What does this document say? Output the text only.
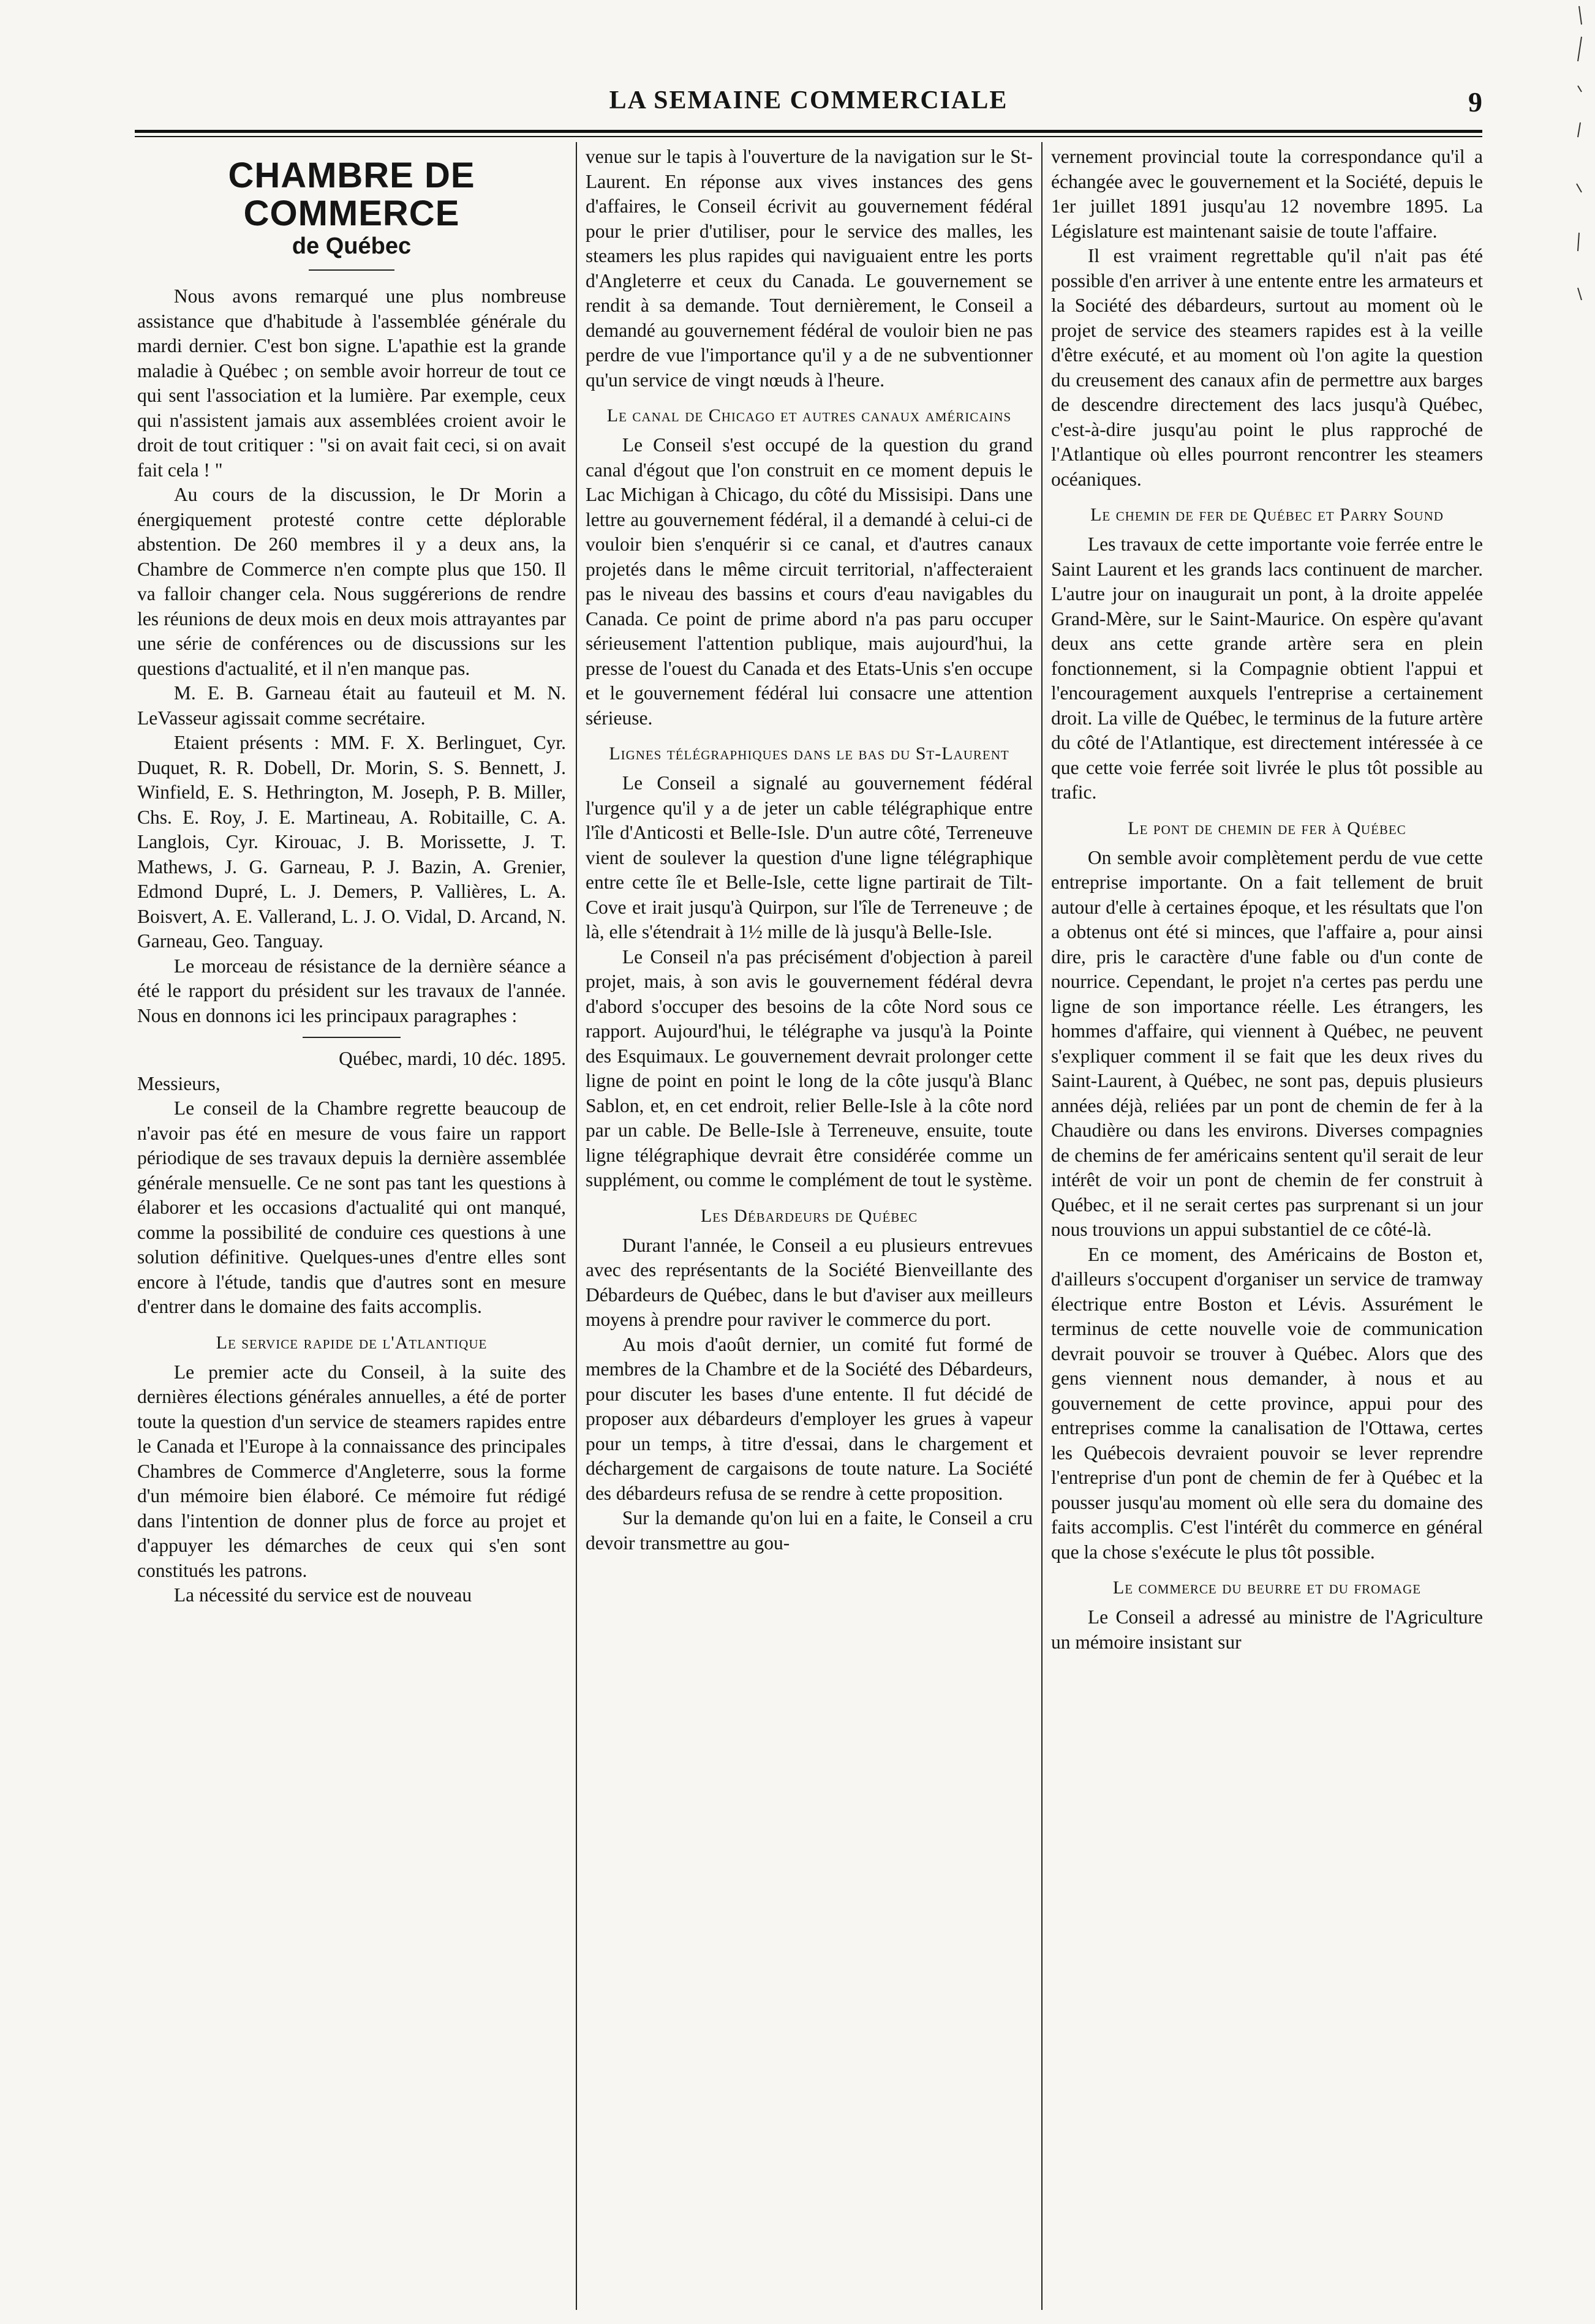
LA SEMAINE COMMERCIALE	9
CHAMBRE DE COMMERCE
de Québec

Nous avons remarqué une plus nombreuse assistance que d'habitude à l'assemblée générale du mardi dernier. C'est bon signe. L'apathie est la grande maladie à Québec ; on semble avoir horreur de tout ce qui sent l'association et la lumière. Par exemple, ceux qui n'assistent jamais aux assemblées croient avoir le droit de tout critiquer : "si on avait fait ceci, si on avait fait cela ! "

Au cours de la discussion, le Dr Morin a énergiquement protesté contre cette déplorable abstention. De 260 membres il y a deux ans, la Chambre de Commerce n'en compte plus que 150. Il va falloir changer cela. Nous suggérerions de rendre les réunions de deux mois en deux mois attrayantes par une série de conférences ou de discussions sur les questions d'actualité, et il n'en manque pas.

M. E. B. Garneau était au fauteuil et M. N. LeVasseur agissait comme secrétaire.

Etaient présents : MM. F. X. Berlinguet, Cyr. Duquet, R. R. Dobell, Dr. Morin, S. S. Bennett, J. Winfield, E. S. Hethrington, M. Joseph, P. B. Miller, Chs. E. Roy, J. E. Martineau, A. Robitaille, C. A. Langlois, Cyr. Kirouac, J. B. Morissette, J. T. Mathews, J. G. Garneau, P. J. Bazin, A. Grenier, Edmond Dupré, L. J. Demers, P. Vallières, L. A. Boisvert, A. E. Vallerand, L. J. O. Vidal, D. Arcand, N. Garneau, Geo. Tanguay.

Le morceau de résistance de la dernière séance a été le rapport du président sur les travaux de l'année. Nous en donnons ici les principaux paragraphes :

Québec, mardi, 10 déc. 1895.

Messieurs,

Le conseil de la Chambre regrette beaucoup de n'avoir pas été en mesure de vous faire un rapport périodique de ses travaux depuis la dernière assemblée générale mensuelle. Ce ne sont pas tant les questions à élaborer et les occasions d'actualité qui ont manqué, comme la possibilité de conduire ces questions à une solution définitive. Quelques-unes d'entre elles sont encore à l'étude, tandis que d'autres sont en mesure d'entrer dans le domaine des faits accomplis.

Le service rapide de l'Atlantique

Le premier acte du Conseil, à la suite des dernières élections générales annuelles, a été de porter toute la question d'un service de steamers rapides entre le Canada et l'Europe à la connaissance des principales Chambres de Commerce d'Angleterre, sous la forme d'un mémoire bien élaboré. Ce mémoire fut rédigé dans l'intention de donner plus de force au projet et d'appuyer les démarches de ceux qui s'en sont constitués les patrons.

La nécessité du service est de nouveau

venue sur le tapis à l'ouverture de la navigation sur le St-Laurent. En réponse aux vives instances des gens d'affaires, le Conseil écrivit au gouvernement fédéral pour le prier d'utiliser, pour le service des malles, les steamers les plus rapides qui naviguaient entre les ports d'Angleterre et ceux du Canada. Le gouvernement se rendit à sa demande. Tout dernièrement, le Conseil a demandé au gouvernement fédéral de vouloir bien ne pas perdre de vue l'importance qu'il y a de ne subventionner qu'un service de vingt nœuds à l'heure.

Le canal de Chicago et autres canaux américains

Le Conseil s'est occupé de la question du grand canal d'égout que l'on construit en ce moment depuis le Lac Michigan à Chicago, du côté du Missisipi. Dans une lettre au gouvernement fédéral, il a demandé à celui-ci de vouloir bien s'enquérir si ce canal, et d'autres canaux projetés dans le même circuit territorial, n'affecteraient pas le niveau des bassins et cours d'eau navigables du Canada. Ce point de prime abord n'a pas paru occuper sérieusement l'attention publique, mais aujourd'hui, la presse de l'ouest du Canada et des Etats-Unis s'en occupe et le gouvernement fédéral lui consacre une attention sérieuse.

Lignes télégraphiques dans le bas du St-Laurent

Le Conseil a signalé au gouvernement fédéral l'urgence qu'il y a de jeter un cable télégraphique entre l'île d'Anticosti et Belle-Isle. D'un autre côté, Terreneuve vient de soulever la question d'une ligne télégraphique entre cette île et Belle-Isle, cette ligne partirait de Tilt-Cove et irait jusqu'à Quirpon, sur l'île de Terreneuve ; de là, elle s'étendrait à 1½ mille de là jusqu'à Belle-Isle.

Le Conseil n'a pas précisément d'objection à pareil projet, mais, à son avis le gouvernement fédéral devra d'abord s'occuper des besoins de la côte Nord sous ce rapport. Aujourd'hui, le télégraphe va jusqu'à la Pointe des Esquimaux. Le gouvernement devrait prolonger cette ligne de point en point le long de la côte jusqu'à Blanc Sablon, et, en cet endroit, relier Belle-Isle à la côte nord par un cable. De Belle-Isle à Terreneuve, ensuite, toute ligne télégraphique devrait être considérée comme un supplément, ou comme le complément de tout le système.

Les Débardeurs de Québec

Durant l'année, le Conseil a eu plusieurs entrevues avec des représentants de la Société Bienveillante des Débardeurs de Québec, dans le but d'aviser aux meilleurs moyens à prendre pour raviver le commerce du port.

Au mois d'août dernier, un comité fut formé de membres de la Chambre et de la Société des Débardeurs, pour discuter les bases d'une entente. Il fut décidé de proposer aux débardeurs d'employer les grues à vapeur pour un temps, à titre d'essai, dans le chargement et déchargement de cargaisons de toute nature. La Société des débardeurs refusa de se rendre à cette proposition.

Sur la demande qu'on lui en a faite, le Conseil a cru devoir transmettre au gou-

vernement provincial toute la correspondance qu'il a échangée avec le gouvernement et la Société, depuis le 1er juillet 1891 jusqu'au 12 novembre 1895. La Législature est maintenant saisie de toute l'affaire.

Il est vraiment regrettable qu'il n'ait pas été possible d'en arriver à une entente entre les armateurs et la Société des débardeurs, surtout au moment où le projet de service des steamers rapides est à la veille d'être exécuté, et au moment où l'on agite la question du creusement des canaux afin de permettre aux barges de descendre directement des lacs jusqu'à Québec, c'est-à-dire jusqu'au point le plus rapproché de l'Atlantique où elles pourront rencontrer les steamers océaniques.

Le chemin de fer de Québec et Parry Sound

Les travaux de cette importante voie ferrée entre le Saint Laurent et les grands lacs continuent de marcher. L'autre jour on inaugurait un pont, à la droite appelée Grand-Mère, sur le Saint-Maurice. On espère qu'avant deux ans cette grande artère sera en plein fonctionnement, si la Compagnie obtient l'appui et l'encouragement auxquels l'entreprise a certainement droit. La ville de Québec, le terminus de la future artère du côté de l'Atlantique, est directement intéressée à ce que cette voie ferrée soit livrée le plus tôt possible au trafic.

Le pont de chemin de fer à Québec

On semble avoir complètement perdu de vue cette entreprise importante. On a fait tellement de bruit autour d'elle à certaines époque, et les résultats que l'on a obtenus ont été si minces, que l'affaire a, pour ainsi dire, pris le caractère d'une fable ou d'un conte de nourrice. Cependant, le projet n'a certes pas perdu une ligne de son importance réelle. Les étrangers, les hommes d'affaire, qui viennent à Québec, ne peuvent s'expliquer comment il se fait que les deux rives du Saint-Laurent, à Québec, ne sont pas, depuis plusieurs années déjà, reliées par un pont de chemin de fer à la Chaudière ou dans les environs. Diverses compagnies de chemins de fer américains sentent qu'il serait de leur intérêt de voir un pont de chemin de fer construit à Québec, et il ne serait certes pas surprenant si un jour nous trouvions un appui substantiel de ce côté-là.

En ce moment, des Américains de Boston et, d'ailleurs s'occupent d'organiser un service de tramway électrique entre Boston et Lévis. Assurément le terminus de cette nouvelle voie de communication devrait pouvoir se trouver à Québec. Alors que des gens viennent nous demander, à nous et au gouvernement de cette province, appui pour des entreprises comme la canalisation de l'Ottawa, certes les Québecois devraient pouvoir se lever reprendre l'entreprise d'un pont de chemin de fer à Québec et la pousser jusqu'au moment où elle sera du domaine des faits accomplis. C'est l'intérêt du commerce en général que la chose s'exécute le plus tôt possible.

Le commerce du beurre et du fromage

Le Conseil a adressé au ministre de l'Agriculture un mémoire insistant sur
